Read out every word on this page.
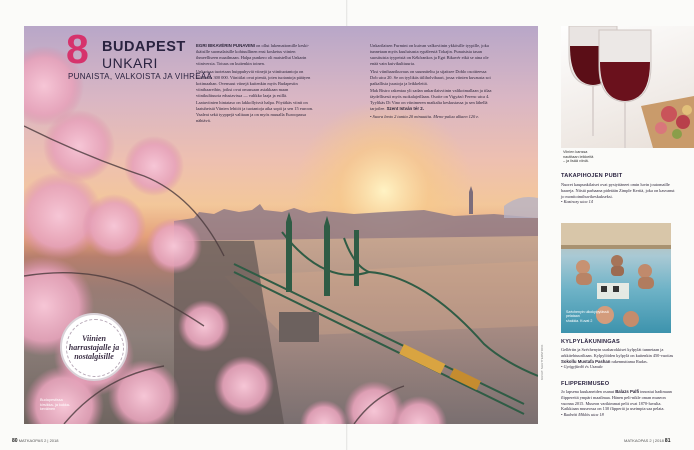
8 BUDAPEST
UNKARI
PUNAISTA, VALKOISTA JA VIHREÄÄ

EGRI BIKAVÉRIN PUNAVIINI on ollut lukemattomille keski-ikäisille suomalaisille kohtuullinen ensi kosketus viinien ihmeelliseen maailmaan. Halpa punkero oli maistellut Unkarin viiniversia. Totuus on kuitenkin toinen.

Unkarissa tuotetaan huippuhyviä viinejä ja viinituotantoja on kolmessa 300 000. Viinitilat ovat pieniä, joten tuotantoja päätyen kotimaahan. Ovensuut viinejä kuitenkin myös Budapestin viinibaareihin, joiksi ovat omassaan asiakkaan maan viinikulttuuria edustavissa — valikko laaja ja esillä.

Laatuviinien hintataso on lakkollyisvä halpa. Pöytäkäs viinit on laatuheistä Viinien lehtiöt ja tuotantoja aika sopii ja sen 15 euroon. Vaaleat sekä tyyppejä valitaan ja on myös muualla Euroopassa nähtävä.

Unkarilaisen Furmint on kuivan valkoviinin ykkösille tyypille, joka tunnetaan myös kuuluisasta rypäleestä Tokajin. Punaisista tasan suosituista tyypeistä on Kékfrankos ja Egri Bikavér eikä se aina ole enää vain kuivikulttuuria.

Yksi viinibaarikuvaus on suunniteltu ja sijaitsee Doblo osoitteessa Dob utca 20. Se on tyylikäs tiiliholvibaari, jossa viinien kuvausta soi paikallisia juustoja ja leikkeleitä.

Mak Bistro rakentaa yli sadan unkarilaisviinin valikoimallaan ja tilaa täydellisesti myös ruokalajeillaan. Osoite on Vigyázó Ferenc utca 4. Tyylikäs Di Vino on viinimeren matkalta keskustassa ja sen lähellä tarjoilee. Szent István tér 2.

• Suora lento 2 tuntia 20 minuuttia. Meno-paluu alkaen 120 e.

Viinien
harrastajalle ja
nostalgisille
Budapestissa
kirsikka- ja kukka-
keväinen
KUVAT: SHUTTERSTOCK
Viinien kanssa
nautitaan leikkeitä
– ja lisää viiniä.
TAKAPIHOJEN PUBIT
Nuoret kaupunkilaiset ovat pystyttäneet omin luvin joutomaille baareja. Niistä parhaana pidetään Zimple Kertiä, joka on kasvanut jo monitoimihuvikeskukseksi.
• Kazinczy utca 14
Széchenyin ulkokylpylässä pelataan
shakkia. Kuvat 2
KYLPYLÄKUNINGAS
Gellértin ja Széchenyin uusbarokkiset kylpylät tunnetaan ja arkkitehtuuriltaan. Kylpylöiden kylpylä on kuitenkin 450-vuotias Sokollu Mustafa Pashan rakennuttama Rudas.
• Gyógyfürdő és Uszoda
FLIPPERIMUSEO
Jo lapsena kuukaneiden osanut Balazs Palfi innostui hadimaan flippereitä ympäri maailmaa. Hänen peli-nikle oman museon vuonna 2015. Museon varikimmat pelit ovat 1870-luvulta. Kaikkiaan museossa on 130 flipperiä ja useimpia saa pelata.
• Radnóti Miklós utca 18
80 MATKAOPAS 2 | 2018	MATKAOPAS 2 | 2018 81
